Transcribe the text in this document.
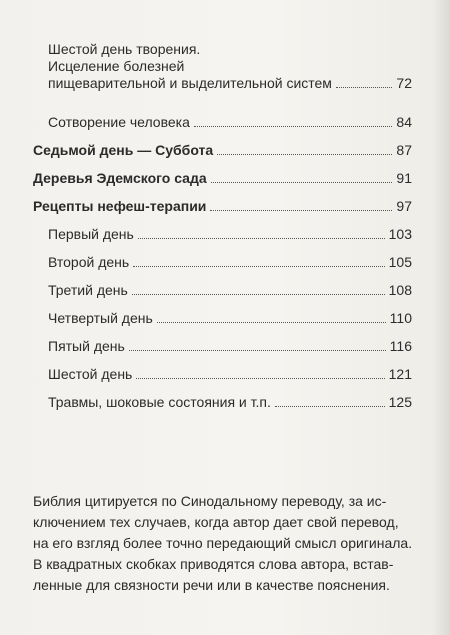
Шестой день творения.
Исцеление болезней
пищеварительной и выделительной систем	72
Сотворение человека	84
Седьмой день — Суббота	87
Деревья Эдемского сада	91
Рецепты нефеш-терапии	97
Первый день	103
Второй день	105
Третий день	108
Четвертый день	110
Пятый день	116
Шестой день	121
Травмы, шоковые состояния и т.п.	125
Библия цитируется по Синодальному переводу, за ис-
ключением тех случаев, когда автор дает свой перевод,
на его взгляд более точно передающий смысл оригинала.
В квадратных скобках приводятся слова автора, встав-
ленные для связности речи или в качестве пояснения.
